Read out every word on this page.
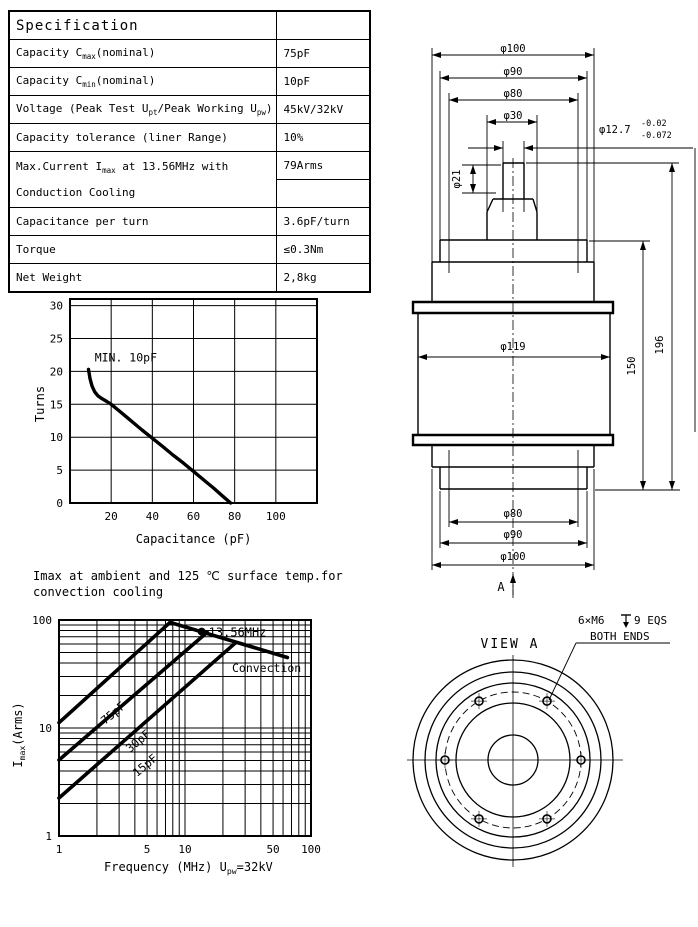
Specification	
Capacity $C_{max}(nominal)$	75pF
Capacity $C_{min}(nominal)$	10pF
Voltage (Peak Test $U_{pt}$/Peak Working $U_{pw}$)	45kV/32kV
Capacity tolerance (liner Range)	10%

Max.Current $I_{max}$ at 13.56MHz with
Conduction Cooling	79Arms

Capacitance per turn	3.6pF/turn
Torque	≤0.3Nm
Net Weight	2,8kg
20	40	60	80 100
0
5
10
15
20
25
30
MIN. 10pF
Capacitance (pF)
Turns
75pF
30pF
15pF
Convection
1	5	10	50 100
1
10
100
13.56MHz
Imax at ambient and 125 ℃ surface temp.for
convection cooling
Frequency (MHz) $U_{pw}=32kV$
$I_{max}(Arms)$
φ100
φ90
φ80
φ30
φ12.7 -0.02
-0.072
φ21
φ119
150
196
φ80
φ90
φ100
A
VIEW A
6×M6	9 EQS
BOTH ENDS
